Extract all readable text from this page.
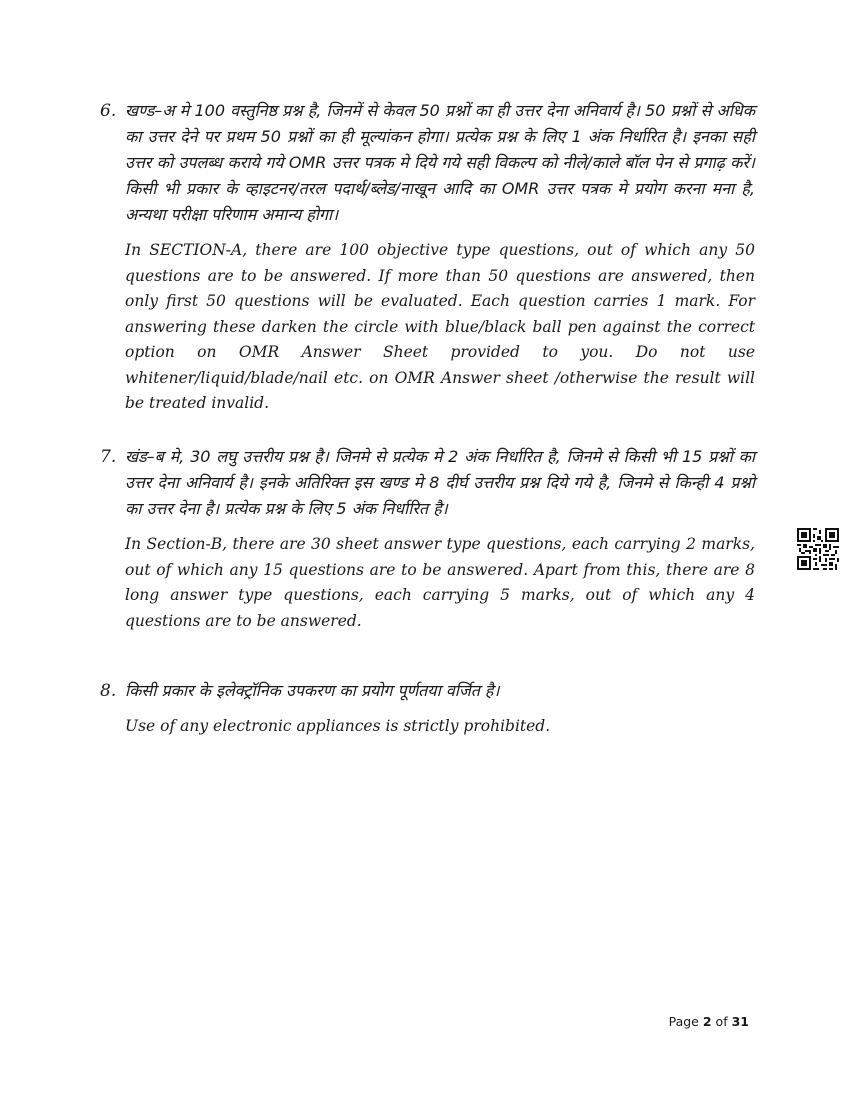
6. खण्ड–अ मे 100 वस्तुनिष्ठ प्रश्न है, जिनमें से केवल 50 प्रश्नों का ही उत्तर देना अनिवार्य है। 50 प्रश्नों से अधिक का उत्तर देने पर प्रथम 50 प्रश्नों का ही मूल्यांकन होगा। प्रत्येक प्रश्न के लिए 1 अंक निर्धारित है। इनका सही उत्तर को उपलब्ध कराये गये OMR उत्तर पत्रक मे दिये गये सही विकल्प को नीले/काले बॉल पेन से प्रगाढ़ करें। किसी भी प्रकार के व्हाइटनर/तरल पदार्थ/ब्लेड/नाखून आदि का OMR उत्तर पत्रक मे प्रयोग करना मना है, अन्यथा परीक्षा परिणाम अमान्य होगा।
In SECTION-A, there are 100 objective type questions, out of which any 50 questions are to be answered. If more than 50 questions are answered, then only first 50 questions will be evaluated. Each question carries 1 mark. For answering these darken the circle with blue/black ball pen against the correct option on OMR Answer Sheet provided to you. Do not use whitener/liquid/blade/nail etc. on OMR Answer sheet /otherwise the result will be treated invalid.
7. खंड–ब मे, 30 लघु उत्तरीय प्रश्न है। जिनमे से प्रत्येक मे 2 अंक निर्धारित है, जिनमे से किसी भी 15 प्रश्नों का उत्तर देना अनिवार्य है। इनके अतिरिक्त इस खण्ड मे 8 दीर्घ उत्तरीय प्रश्न दिये गये है, जिनमे से किन्ही 4 प्रश्नो का उत्तर देना है। प्रत्येक प्रश्न के लिए 5 अंक निर्धारित है।
In Section-B, there are 30 sheet answer type questions, each carrying 2 marks, out of which any 15 questions are to be answered. Apart from this, there are 8 long answer type questions, each carrying 5 marks, out of which any 4 questions are to be answered.
8. किसी प्रकार के इलेक्ट्रॉनिक उपकरण का प्रयोग पूर्णतया वर्जित है।
Use of any electronic appliances is strictly prohibited.
Page 2 of 31
